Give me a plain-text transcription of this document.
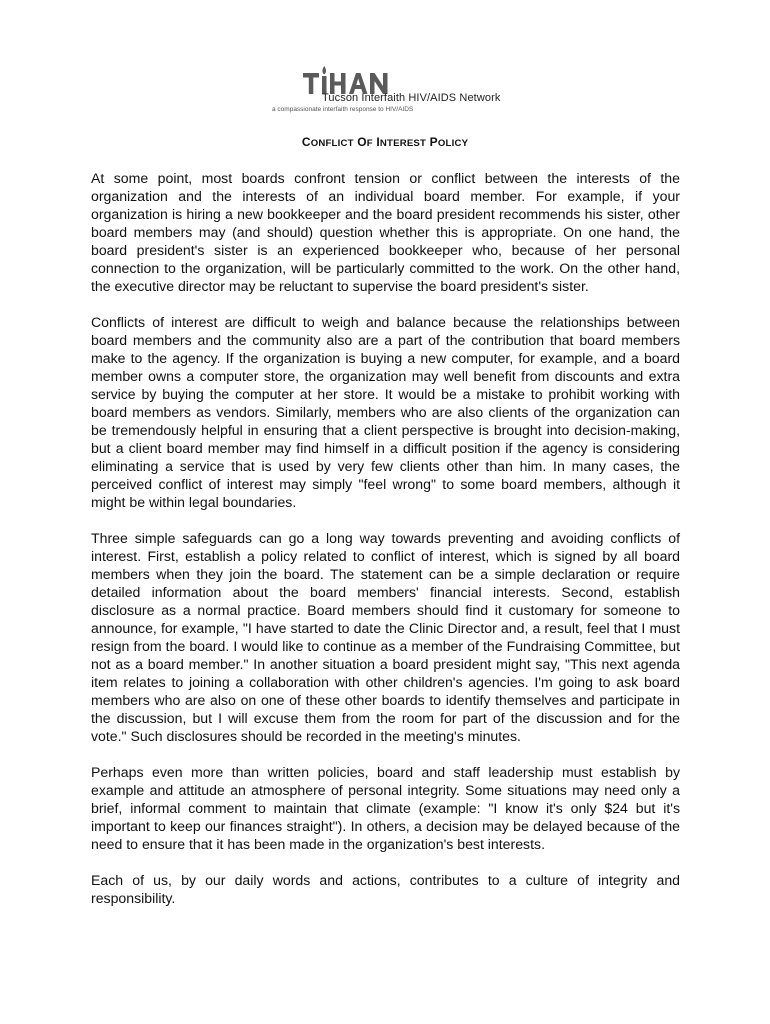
Tucson Interfaith HIV/AIDS Network
a compassionate interfaith response to HIV/AIDS
CONFLICT OF INTEREST POLICY

At some point, most boards confront tension or conflict between the interests of the organization and the interests of an individual board member. For example, if your organization is hiring a new bookkeeper and the board president recommends his sister, other board members may (and should) question whether this is appropriate. On one hand, the board president's sister is an experienced bookkeeper who, because of her personal connection to the organization, will be particularly committed to the work. On the other hand, the executive director may be reluctant to supervise the board president's sister.

Conflicts of interest are difficult to weigh and balance because the relationships between board members and the community also are a part of the contribution that board members make to the agency. If the organization is buying a new computer, for example, and a board member owns a computer store, the organization may well benefit from discounts and extra service by buying the computer at her store. It would be a mistake to prohibit working with board members as vendors. Similarly, members who are also clients of the organization can be tremendously helpful in ensuring that a client perspective is brought into decision-making, but a client board member may find himself in a difficult position if the agency is considering eliminating a service that is used by very few clients other than him. In many cases, the perceived conflict of interest may simply "feel wrong" to some board members, although it might be within legal boundaries.

Three simple safeguards can go a long way towards preventing and avoiding conflicts of interest. First, establish a policy related to conflict of interest, which is signed by all board members when they join the board. The statement can be a simple declaration or require detailed information about the board members' financial interests. Second, establish disclosure as a normal practice. Board members should find it customary for someone to announce, for example, "I have started to date the Clinic Director and, a result, feel that I must resign from the board. I would like to continue as a member of the Fundraising Committee, but not as a board member." In another situation a board president might say, "This next agenda item relates to joining a collaboration with other children's agencies. I'm going to ask board members who are also on one of these other boards to identify themselves and participate in the discussion, but I will excuse them from the room for part of the discussion and for the vote." Such disclosures should be recorded in the meeting's minutes.

Perhaps even more than written policies, board and staff leadership must establish by example and attitude an atmosphere of personal integrity. Some situations may need only a brief, informal comment to maintain that climate (example: "I know it's only $24 but it's important to keep our finances straight"). In others, a decision may be delayed because of the need to ensure that it has been made in the organization's best interests.

Each of us, by our daily words and actions, contributes to a culture of integrity and responsibility.
